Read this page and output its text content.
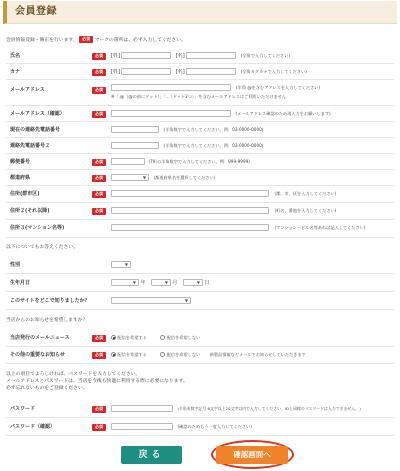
会員登録
会員情報登録・修正を行います。 必須 マークの箇所は、必ず入力してください。
氏名	必須	[姓]	[名]	(全角で入力してください)
カナ	必須	[姓]	[名]	(全角カタカナで入力してください)
メールアドレス	必須	(半角 @を含むアドレスを入力してください)
※「.@（@の前にドット）」「..（ドット2つ）」を含むメールアドレスはご利用いただけません
メールアドレス（確認）	必須	(メールアドレス確認のため再入力をお願いします)
現在の連絡先電話番号	(半角数字で入力してください。例：03-0000-0000)
連絡先電話番号２	(半角数字で入力してください。例：03-0000-0000)
郵便番号	必須	(7桁の半角数字で入力してください。例：999-9999)
都道府県	必須	▼ (都道府県名を選択してください)
住所(群市区)	必須	(郡、市、区を入力してください)
住所２(それ以降)	必須	(町名、番地を入力してください)
住所３(マンション名等)	(マンション・ビル名等あれば記入してください)
以下についてもお答えください。
性別	▼
生年月日	▼ 年	▼ 月	▼ 日
このサイトをどこで知りましたか？	▼
当店からのお知らせを希望しますか？
当店発行のメールニュース	必須	配信を希望する	配信を希望しない
その他の重要なお知らせ	必須	配信を希望する	配信を希望しない 新製品情報などメールでお知らせしていただきます
以上の項目でよろしければ、パスワードを入力してください。
メールアドレスとパスワードは、当店を今後も快適に利用する際に必要になります。
必ず忘れないものをご登録ください。
パスワード	必須	(半角英数字記号 6文字以上20文字以内で入力してください。IDと同様のパスワードは入力できません。)
パスワード（確認）	必須	(確認のためもう一度入力してください)
戻る	確認画面へ
